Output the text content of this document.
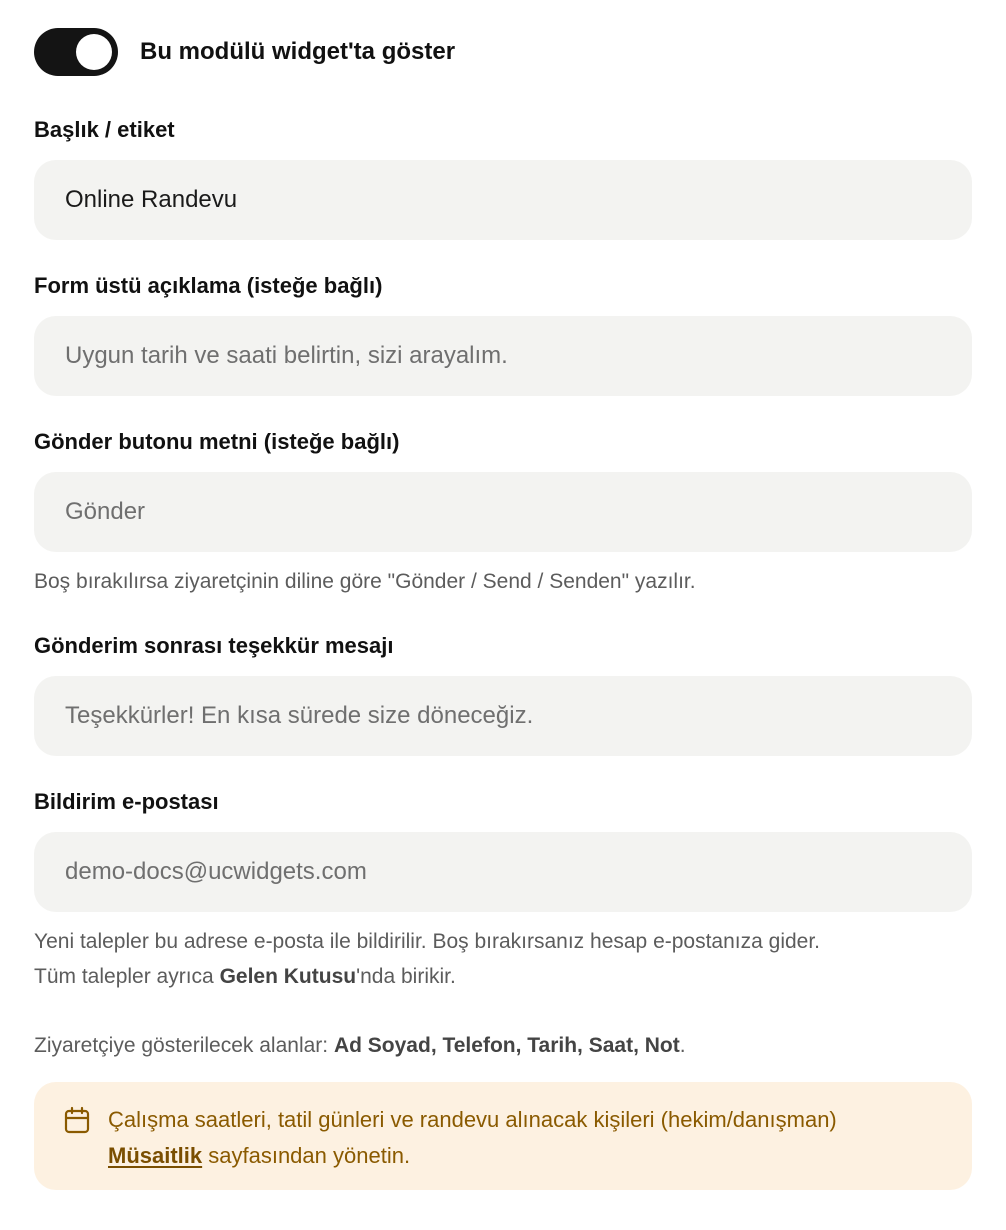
Bu modülü widget'ta göster
Başlık / etiket
Online Randevu
Form üstü açıklama (isteğe bağlı)
Uygun tarih ve saati belirtin, sizi arayalım.
Gönder butonu metni (isteğe bağlı)
Gönder
Boş bırakılırsa ziyaretçinin diline göre "Gönder / Send / Senden" yazılır.
Gönderim sonrası teşekkür mesajı
Teşekkürler! En kısa sürede size döneceğiz.
Bildirim e-postası
demo-docs@ucwidgets.com
Yeni talepler bu adrese e-posta ile bildirilir. Boş bırakırsanız hesap e-postanıza gider.
Tüm talepler ayrıca Gelen Kutusu'nda birikir.
Ziyaretçiye gösterilecek alanlar: Ad Soyad, Telefon, Tarih, Saat, Not.
Çalışma saatleri, tatil günleri ve randevu alınacak kişileri (hekim/danışman)
Müsaitlik sayfasından yönetin.
